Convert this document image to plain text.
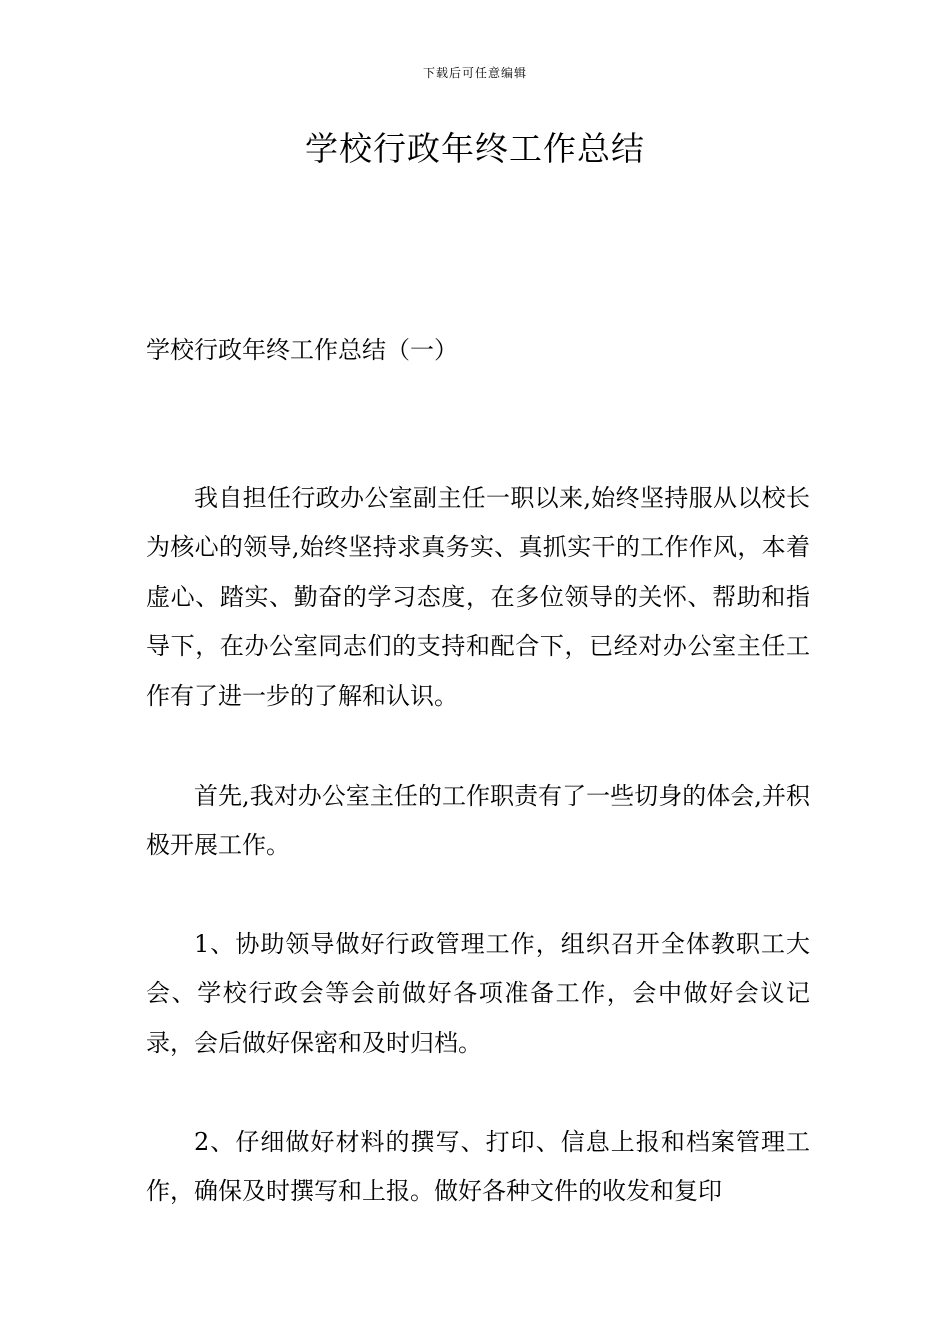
下载后可任意编辑
学校行政年终工作总结
学校行政年终工作总结（一）

我自担任行政办公室副主任一职以来,始终坚持服从以校长为核心的领导,始终坚持求真务实、真抓实干的工作作风，本着虚心、踏实、勤奋的学习态度，在多位领导的关怀、帮助和指导下，在办公室同志们的支持和配合下，已经对办公室主任工作有了进一步的了解和认识。

首先,我对办公室主任的工作职责有了一些切身的体会,并积极开展工作。

1、协助领导做好行政管理工作，组织召开全体教职工大会、学校行政会等会前做好各项准备工作，会中做好会议记录，会后做好保密和及时归档。

2、仔细做好材料的撰写、打印、信息上报和档案管理工作，确保及时撰写和上报。做好各种文件的收发和复印
